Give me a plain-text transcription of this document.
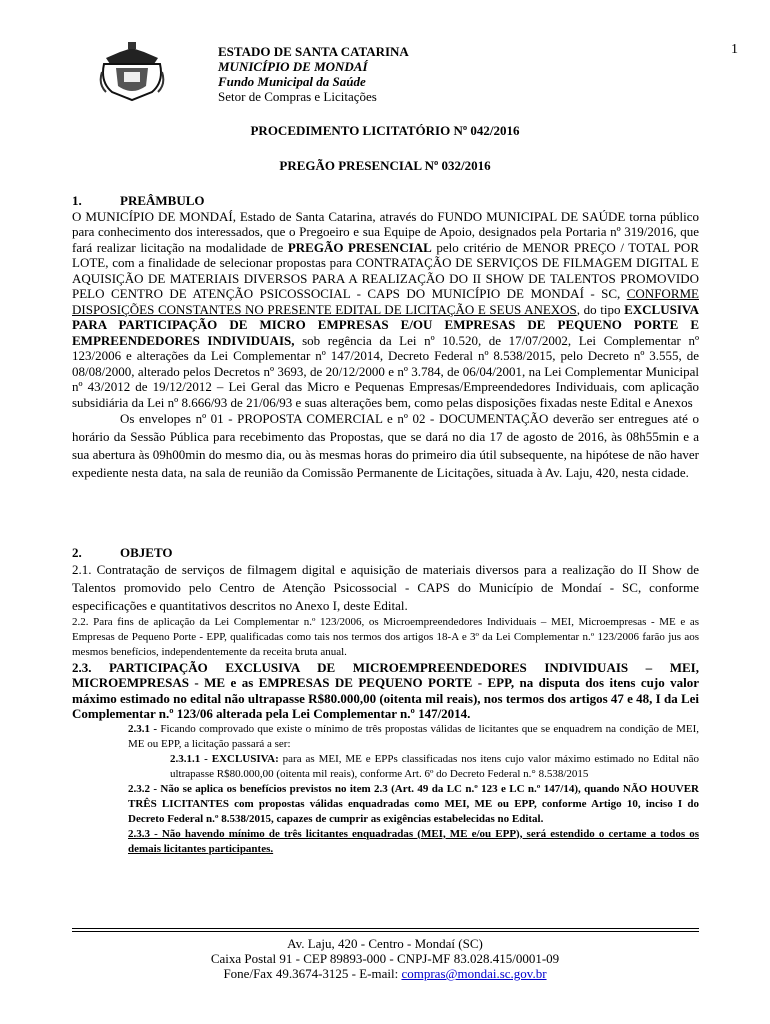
1
ESTADO DE SANTA CATARINA
MUNICÍPIO DE MONDAÍ
Fundo Municipal da Saúde
Setor de Compras e Licitações
PROCEDIMENTO LICITATÓRIO Nº 042/2016
PREGÃO PRESENCIAL Nº 032/2016
1.	PREÂMBULO

O MUNICÍPIO DE MONDAÍ, Estado de Santa Catarina, através do FUNDO MUNICIPAL DE SAÚDE torna público para conhecimento dos interessados, que o Pregoeiro e sua Equipe de Apoio, designados pela Portaria nº 319/2016, que fará realizar licitação na modalidade de PREGÃO PRESENCIAL pelo critério de MENOR PREÇO / TOTAL POR LOTE, com a finalidade de selecionar propostas para CONTRATAÇÃO DE SERVIÇOS DE FILMAGEM DIGITAL E AQUISIÇÃO DE MATERIAIS DIVERSOS PARA A REALIZAÇÃO DO II SHOW DE TALENTOS PROMOVIDO PELO CENTRO DE ATENÇÃO PSICOSSOCIAL - CAPS DO MUNICÍPIO DE MONDAÍ - SC, CONFORME DISPOSIÇÕES CONSTANTES NO PRESENTE EDITAL DE LICITAÇÃO E SEUS ANEXOS, do tipo EXCLUSIVA PARA PARTICIPAÇÃO DE MICRO EMPRESAS E/OU EMPRESAS DE PEQUENO PORTE E EMPREENDEDORES INDIVIDUAIS, sob regência da Lei nº 10.520, de 17/07/2002, Lei Complementar nº 123/2006 e alterações da Lei Complementar nº 147/2014, Decreto Federal nº 8.538/2015, pelo Decreto nº 3.555, de 08/08/2000, alterado pelos Decretos nº 3693, de 20/12/2000 e nº 3.784, de 06/04/2001, na Lei Complementar Municipal nº 43/2012 de 19/12/2012 – Lei Geral das Micro e Pequenas Empresas/Empreendedores Individuais, com aplicação subsidiária da Lei nº 8.666/93 de 21/06/93 e suas alterações bem, como pelas disposições fixadas neste Edital e Anexos

Os envelopes nº 01 - PROPOSTA COMERCIAL e nº 02 - DOCUMENTAÇÃO deverão ser entregues até o horário da Sessão Pública para recebimento das Propostas, que se dará no dia 17 de agosto de 2016, às 08h55min e a sua abertura às 09h00min do mesmo dia, ou às mesmas horas do primeiro dia útil subsequente, na hipótese de não haver expediente nesta data, na sala de reunião da Comissão Permanente de Licitações, situada à Av. Laju, 420, nesta cidade.

2.	OBJETO

2.1. Contratação de serviços de filmagem digital e aquisição de materiais diversos para a realização do II Show de Talentos promovido pelo Centro de Atenção Psicossocial - CAPS do Município de Mondaí - SC, conforme especificações e quantitativos descritos no Anexo I, deste Edital.

2.2. Para fins de aplicação da Lei Complementar n.º 123/2006, os Microempreendedores Individuais – MEI, Microempresas - ME e as Empresas de Pequeno Porte - EPP, qualificadas como tais nos termos dos artigos 18-A e 3º da Lei Complementar n.º 123/2006 farão jus aos mesmos benefícios, independentemente da receita bruta anual.

2.3. PARTICIPAÇÃO EXCLUSIVA DE MICROEMPREENDEDORES INDIVIDUAIS – MEI, MICROEMPRESAS - ME e as EMPRESAS DE PEQUENO PORTE - EPP, na disputa dos itens cujo valor máximo estimado no edital não ultrapasse R$80.000,00 (oitenta mil reais), nos termos dos artigos 47 e 48, I da Lei Complementar n.º 123/06 alterada pela Lei Complementar n.º 147/2014.

2.3.1 - Ficando comprovado que existe o mínimo de três propostas válidas de licitantes que se enquadrem na condição de MEI, ME ou EPP, a licitação passará a ser:

2.3.1.1 - EXCLUSIVA: para as MEI, ME e EPPs classificadas nos itens cujo valor máximo estimado no Edital não ultrapasse R$80.000,00 (oitenta mil reais), conforme Art. 6º do Decreto Federal n.° 8.538/2015

2.3.2 - Não se aplica os benefícios previstos no item 2.3 (Art. 49 da LC n.º 123 e LC n.º 147/14), quando NÃO HOUVER TRÊS LICITANTES com propostas válidas enquadradas como MEI, ME ou EPP, conforme Artigo 10, inciso I do Decreto Federal n.º 8.538/2015, capazes de cumprir as exigências estabelecidas no Edital.

2.3.3 - Não havendo mínimo de três licitantes enquadradas (MEI, ME e/ou EPP), será estendido o certame a todos os demais licitantes participantes.

Av. Laju, 420 - Centro - Mondaí (SC)
Caixa Postal 91 - CEP 89893-000 - CNPJ-MF 83.028.415/0001-09
Fone/Fax 49.3674-3125 - E-mail: compras@mondai.sc.gov.br
